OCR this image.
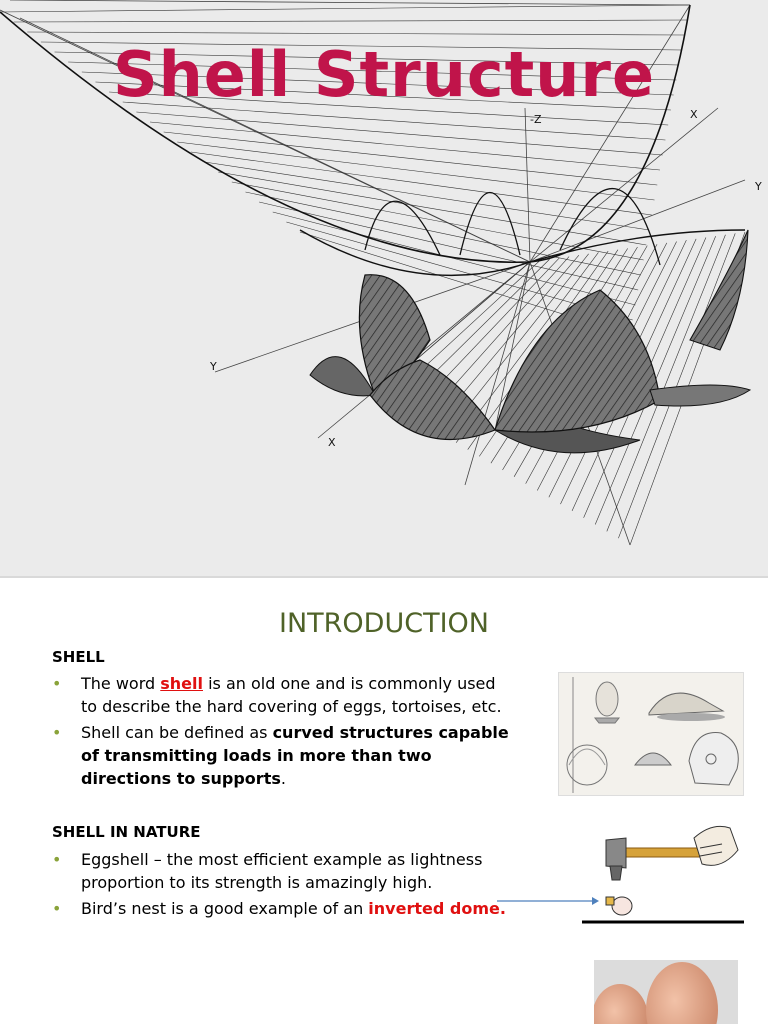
-Z	X
Y
Y
X
Shell Structure
INTRODUCTION
SHELL
• The word shell is an old one and is commonly used to describe the hard covering of eggs, tortoises, etc.
• Shell can be defined as curved structures capable of transmitting loads in more than two directions to supports.
SHELL IN NATURE
• Eggshell – the most efficient example as lightness proportion to its strength is amazingly high.
• Bird’s nest is a good example of an inverted dome.
